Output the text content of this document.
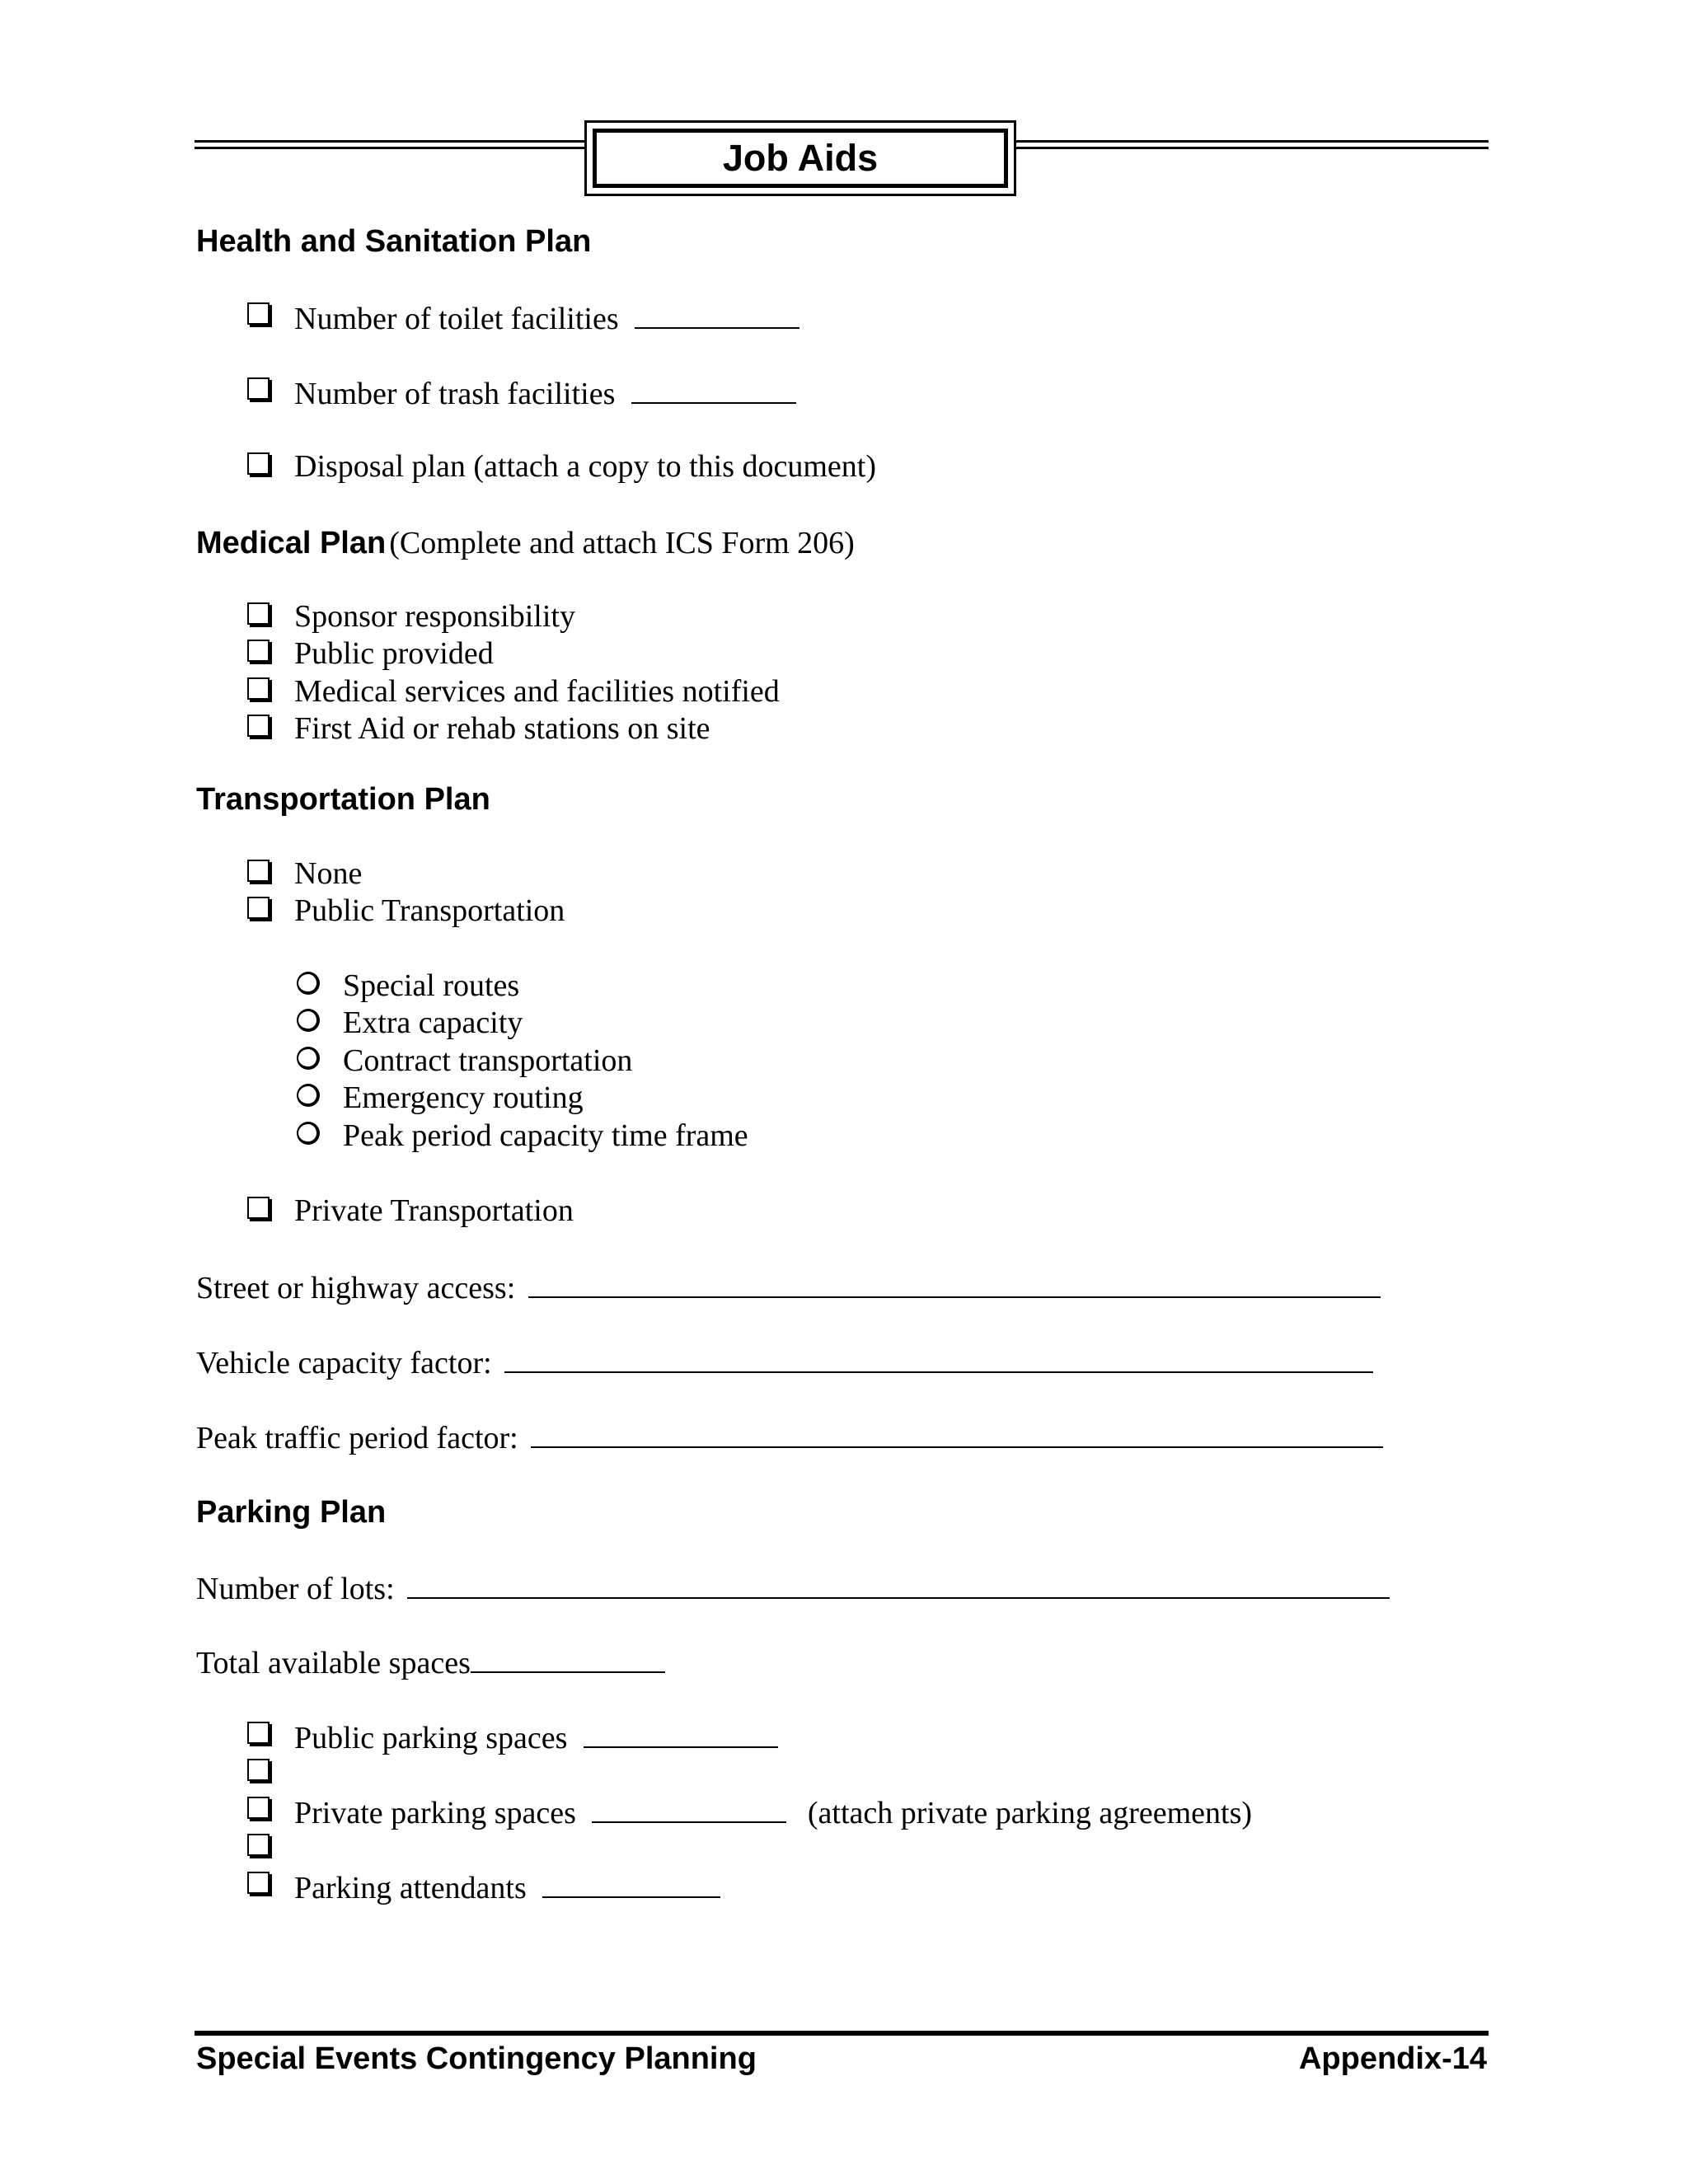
Job Aids
Health and Sanitation Plan
Number of toilet facilities
Number of trash facilities
Disposal plan (attach a copy to this document)
Medical Plan (Complete and attach ICS Form 206)
Sponsor responsibility
Public provided
Medical services and facilities notified
First Aid or rehab stations on site
Transportation Plan
None
Public Transportation
Special routes
Extra capacity
Contract transportation
Emergency routing
Peak period capacity time frame
Private Transportation
Street or highway access:
Vehicle capacity factor:
Peak traffic period factor:
Parking Plan
Number of lots:
Total available spaces
Public parking spaces
Private parking spaces	(attach private parking agreements)
Parking attendants
Special Events Contingency Planning	Appendix-14
